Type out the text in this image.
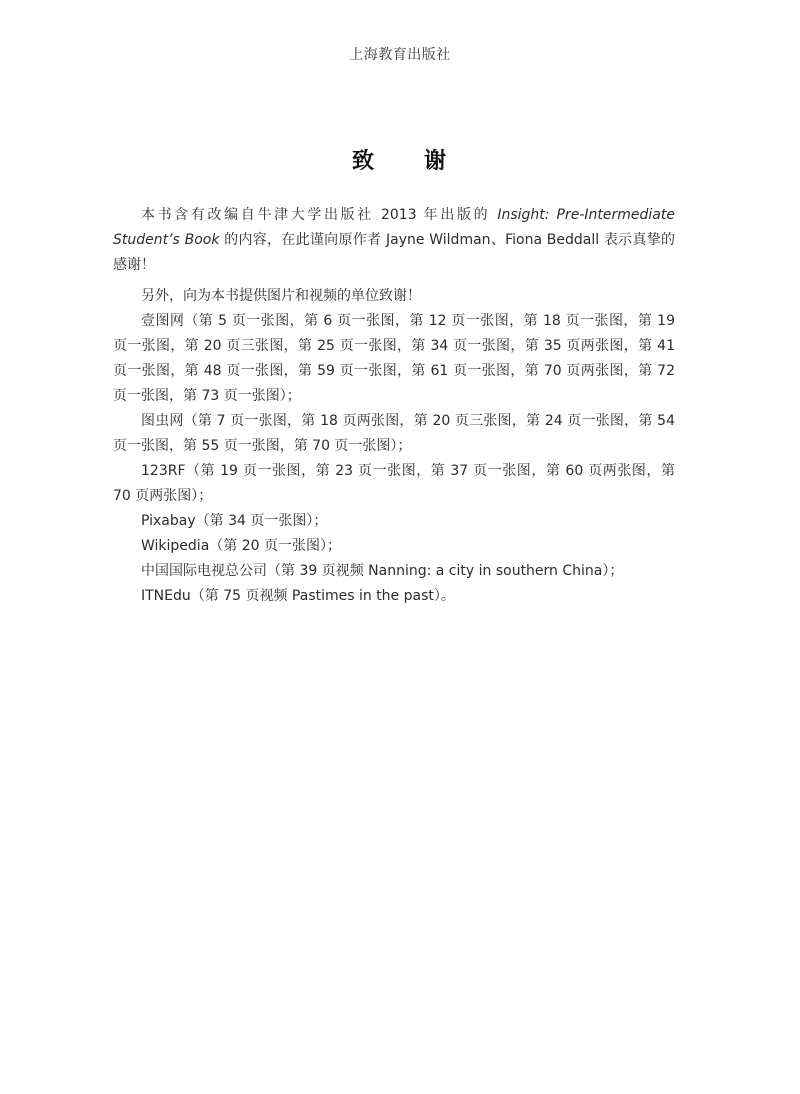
上海教育出版社
致 谢

本书含有改编自牛津大学出版社 2013 年出版的 Insight: Pre-Intermediate Student’s Book 的内容，在此谨向原作者 Jayne Wildman、Fiona Beddall 表示真挚的感谢！

另外，向为本书提供图片和视频的单位致谢！

壹图网（第 5 页一张图，第 6 页一张图，第 12 页一张图，第 18 页一张图，第 19 页一张图，第 20 页三张图，第 25 页一张图，第 34 页一张图，第 35 页两张图，第 41 页一张图，第 48 页一张图，第 59 页一张图，第 61 页一张图，第 70 页两张图，第 72 页一张图，第 73 页一张图）；

图虫网（第 7 页一张图，第 18 页两张图，第 20 页三张图，第 24 页一张图，第 54 页一张图，第 55 页一张图，第 70 页一张图）；

123RF（第 19 页一张图，第 23 页一张图，第 37 页一张图，第 60 页两张图，第 70 页两张图）；

Pixabay（第 34 页一张图）；

Wikipedia（第 20 页一张图）；

中国国际电视总公司（第 39 页视频 Nanning: a city in southern China）；

ITNEdu（第 75 页视频 Pastimes in the past）。
